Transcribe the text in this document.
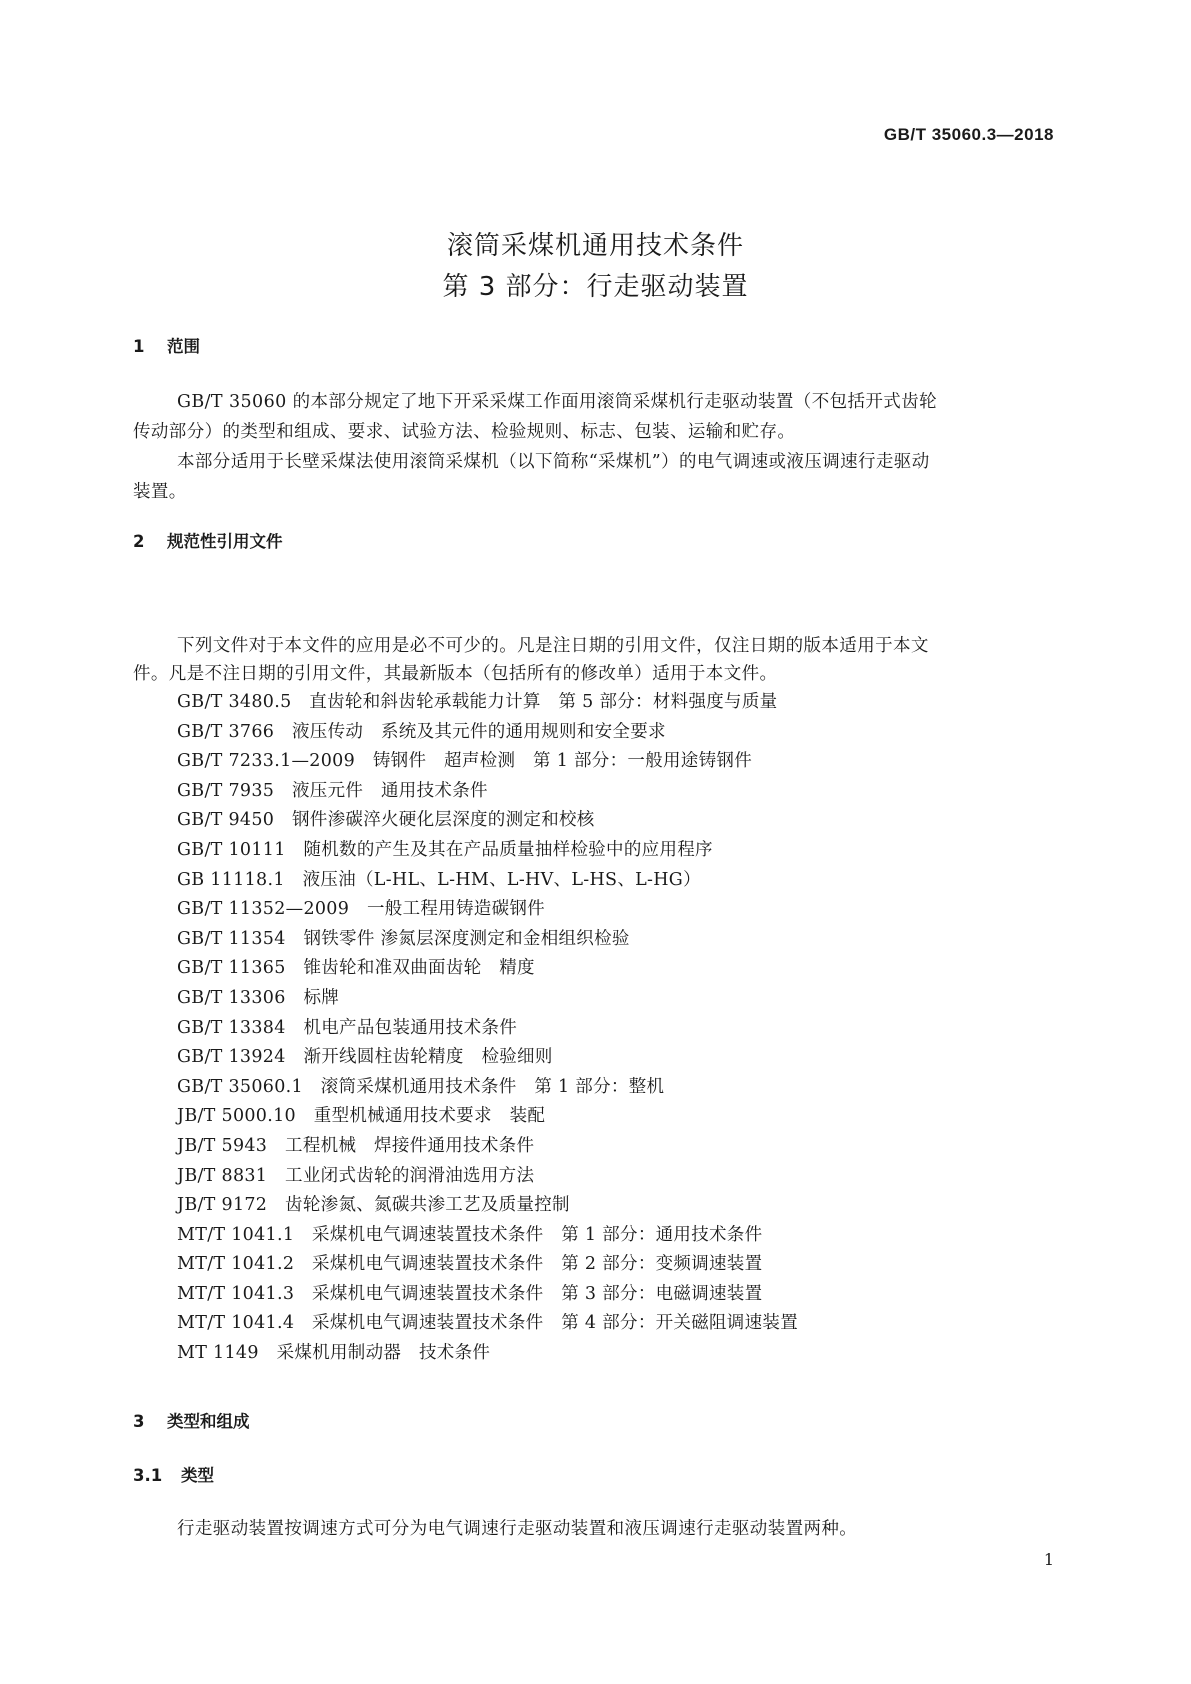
GB/T 35060.3—2018
滚筒采煤机通用技术条件
第 3 部分：行走驱动装置
1 范围
GB/T 35060 的本部分规定了地下开采采煤工作面用滚筒采煤机行走驱动装置（不包括开式齿轮
传动部分）的类型和组成、要求、试验方法、检验规则、标志、包装、运输和贮存。
本部分适用于长壁采煤法使用滚筒采煤机（以下简称“采煤机”）的电气调速或液压调速行走驱动
装置。
2 规范性引用文件
下列文件对于本文件的应用是必不可少的。凡是注日期的引用文件，仅注日期的版本适用于本文
件。凡是不注日期的引用文件，其最新版本（包括所有的修改单）适用于本文件。
GB/T 3480.5　直齿轮和斜齿轮承载能力计算　第 5 部分：材料强度与质量
GB/T 3766　液压传动　系统及其元件的通用规则和安全要求
GB/T 7233.1—2009　铸钢件　超声检测　第 1 部分：一般用途铸钢件
GB/T 7935　液压元件　通用技术条件
GB/T 9450　钢件渗碳淬火硬化层深度的测定和校核
GB/T 10111　随机数的产生及其在产品质量抽样检验中的应用程序
GB 11118.1　液压油（L-HL、L-HM、L-HV、L-HS、L-HG）
GB/T 11352—2009　一般工程用铸造碳钢件
GB/T 11354　钢铁零件 渗氮层深度测定和金相组织检验
GB/T 11365　锥齿轮和准双曲面齿轮　精度
GB/T 13306　标牌
GB/T 13384　机电产品包装通用技术条件
GB/T 13924　渐开线圆柱齿轮精度　检验细则
GB/T 35060.1　滚筒采煤机通用技术条件　第 1 部分：整机
JB/T 5000.10　重型机械通用技术要求　装配
JB/T 5943　工程机械　焊接件通用技术条件
JB/T 8831　工业闭式齿轮的润滑油选用方法
JB/T 9172　齿轮渗氮、氮碳共渗工艺及质量控制
MT/T 1041.1　采煤机电气调速装置技术条件　第 1 部分：通用技术条件
MT/T 1041.2　采煤机电气调速装置技术条件　第 2 部分：变频调速装置
MT/T 1041.3　采煤机电气调速装置技术条件　第 3 部分：电磁调速装置
MT/T 1041.4　采煤机电气调速装置技术条件　第 4 部分：开关磁阻调速装置
MT 1149　采煤机用制动器　技术条件
3 类型和组成
3.1 类型
行走驱动装置按调速方式可分为电气调速行走驱动装置和液压调速行走驱动装置两种。
1
